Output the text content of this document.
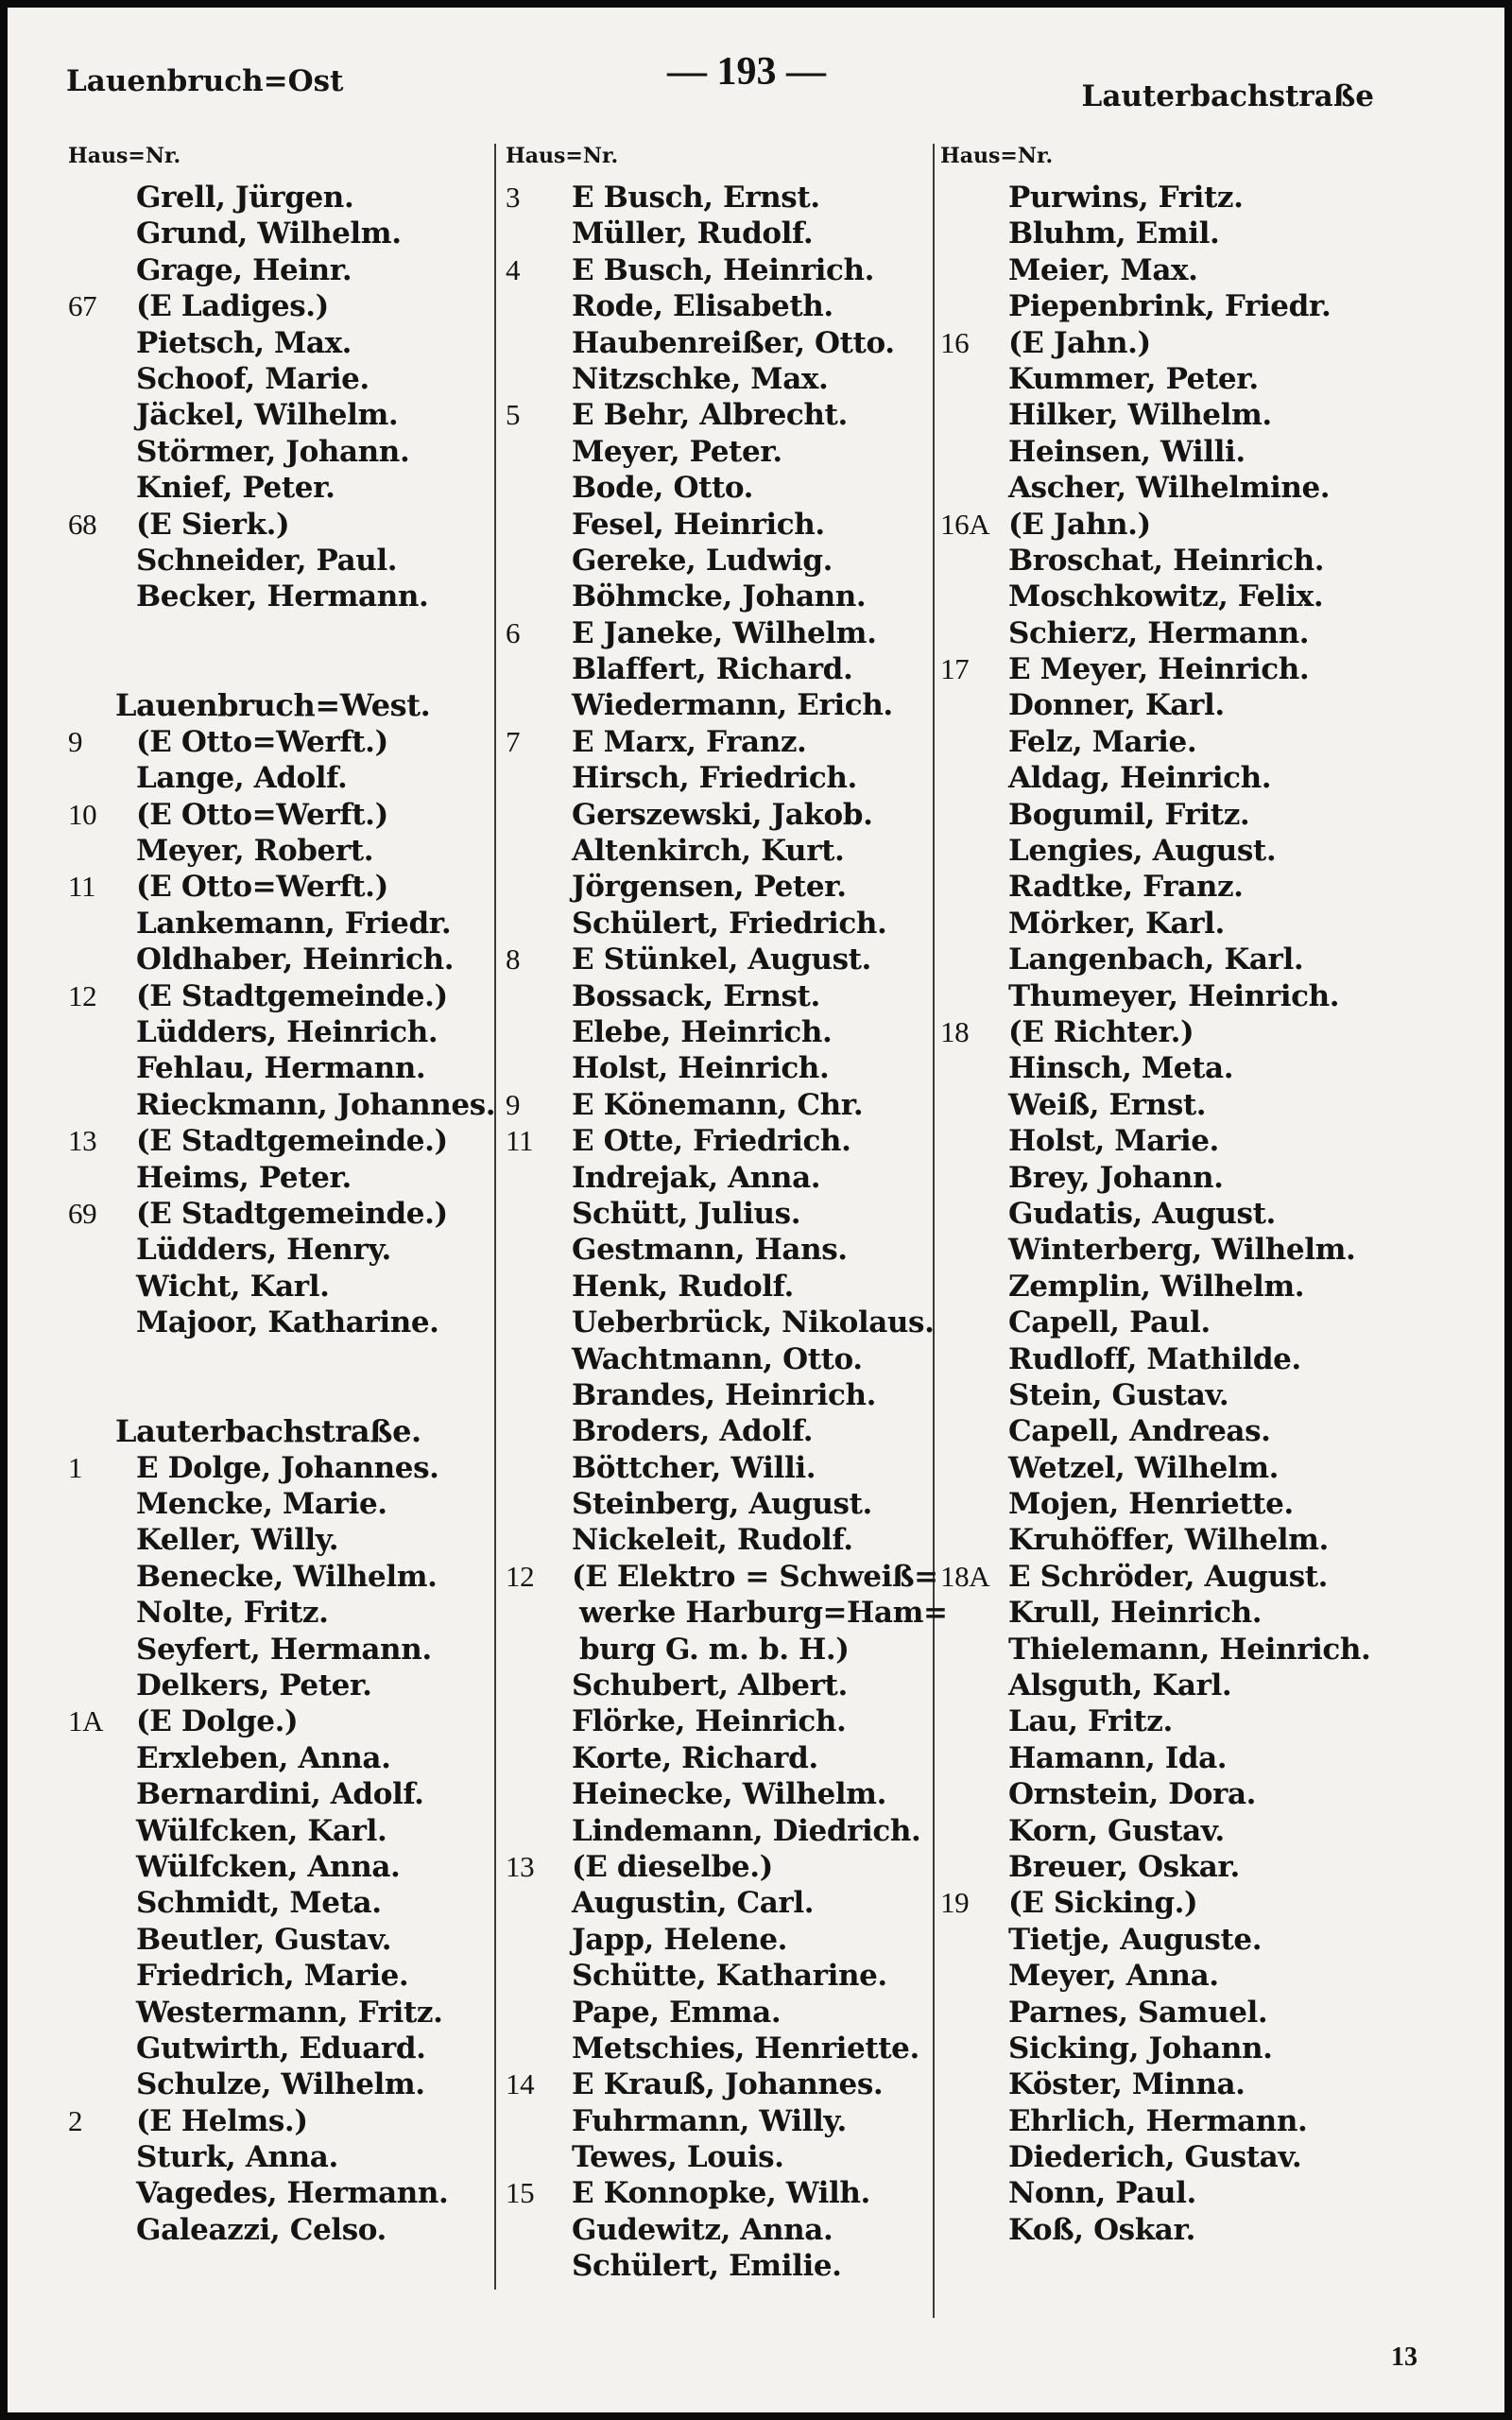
Lauenbruch=Ost	— 193 —
Lauterbachstraße
Haus=Nr.
Grell, Jürgen.
Grund, Wilhelm.
Grage, Heinr.
67	(E Ladiges.)
Pietsch, Max.
Schoof, Marie.
Jäckel, Wilhelm.
Störmer, Johann.
Knief, Peter.
68	(E Sierk.)
Schneider, Paul.
Becker, Hermann.
Lauenbruch=West.
9	(E Otto=Werft.)
Lange, Adolf.
10	(E Otto=Werft.)
Meyer, Robert.
11	(E Otto=Werft.)
Lankemann, Friedr.
Oldhaber, Heinrich.
12	(E Stadtgemeinde.)
Lüdders, Heinrich.
Fehlau, Hermann.
Rieckmann, Johannes.
13	(E Stadtgemeinde.)
Heims, Peter.
69	(E Stadtgemeinde.)
Lüdders, Henry.
Wicht, Karl.
Majoor, Katharine.
Lauterbachstraße.
1	E Dolge, Johannes.
Mencke, Marie.
Keller, Willy.
Benecke, Wilhelm.
Nolte, Fritz.
Seyfert, Hermann.
Delkers, Peter.
1A	(E Dolge.)
Erxleben, Anna.
Bernardini, Adolf.
Wülfcken, Karl.
Wülfcken, Anna.
Schmidt, Meta.
Beutler, Gustav.
Friedrich, Marie.
Westermann, Fritz.
Gutwirth, Eduard.
Schulze, Wilhelm.
2	(E Helms.)
Sturk, Anna.
Vagedes, Hermann.
Galeazzi, Celso.
Haus=Nr.
3	E Busch, Ernst.
Müller, Rudolf.
4	E Busch, Heinrich.
Rode, Elisabeth.
Haubenreißer, Otto.
Nitzschke, Max.
5	E Behr, Albrecht.
Meyer, Peter.
Bode, Otto.
Fesel, Heinrich.
Gereke, Ludwig.
Böhmcke, Johann.
6	E Janeke, Wilhelm.
Blaffert, Richard.
Wiedermann, Erich.
7	E Marx, Franz.
Hirsch, Friedrich.
Gerszewski, Jakob.
Altenkirch, Kurt.
Jörgensen, Peter.
Schülert, Friedrich.
8	E Stünkel, August.
Bossack, Ernst.
Elebe, Heinrich.
Holst, Heinrich.
9	E Könemann, Chr.
11	E Otte, Friedrich.
Indrejak, Anna.
Schütt, Julius.
Gestmann, Hans.
Henk, Rudolf.
Ueberbrück, Nikolaus.
Wachtmann, Otto.
Brandes, Heinrich.
Broders, Adolf.
Böttcher, Willi.
Steinberg, August.
Nickeleit, Rudolf.
12	(E Elektro = Schweiß=
werke Harburg=Ham=
burg G. m. b. H.)
Schubert, Albert.
Flörke, Heinrich.
Korte, Richard.
Heinecke, Wilhelm.
Lindemann, Diedrich.
13	(E dieselbe.)
Augustin, Carl.
Japp, Helene.
Schütte, Katharine.
Pape, Emma.
Metschies, Henriette.
14	E Krauß, Johannes.
Fuhrmann, Willy.
Tewes, Louis.
15	E Konnopke, Wilh.
Gudewitz, Anna.
Schülert, Emilie.
Haus=Nr.
Purwins, Fritz.
Bluhm, Emil.
Meier, Max.
Piepenbrink, Friedr.
16	(E Jahn.)
Kummer, Peter.
Hilker, Wilhelm.
Heinsen, Willi.
Ascher, Wilhelmine.
16A (E Jahn.)
Broschat, Heinrich.
Moschkowitz, Felix.
Schierz, Hermann.
17	E Meyer, Heinrich.
Donner, Karl.
Felz, Marie.
Aldag, Heinrich.
Bogumil, Fritz.
Lengies, August.
Radtke, Franz.
Mörker, Karl.
Langenbach, Karl.
Thumeyer, Heinrich.
18	(E Richter.)
Hinsch, Meta.
Weiß, Ernst.
Holst, Marie.
Brey, Johann.
Gudatis, August.
Winterberg, Wilhelm.
Zemplin, Wilhelm.
Capell, Paul.
Rudloff, Mathilde.
Stein, Gustav.
Capell, Andreas.
Wetzel, Wilhelm.
Mojen, Henriette.
Kruhöffer, Wilhelm.
18A E Schröder, August.
Krull, Heinrich.
Thielemann, Heinrich.
Alsguth, Karl.
Lau, Fritz.
Hamann, Ida.
Ornstein, Dora.
Korn, Gustav.
Breuer, Oskar.
19	(E Sicking.)
Tietje, Auguste.
Meyer, Anna.
Parnes, Samuel.
Sicking, Johann.
Köster, Minna.
Ehrlich, Hermann.
Diederich, Gustav.
Nonn, Paul.
Koß, Oskar.
13
